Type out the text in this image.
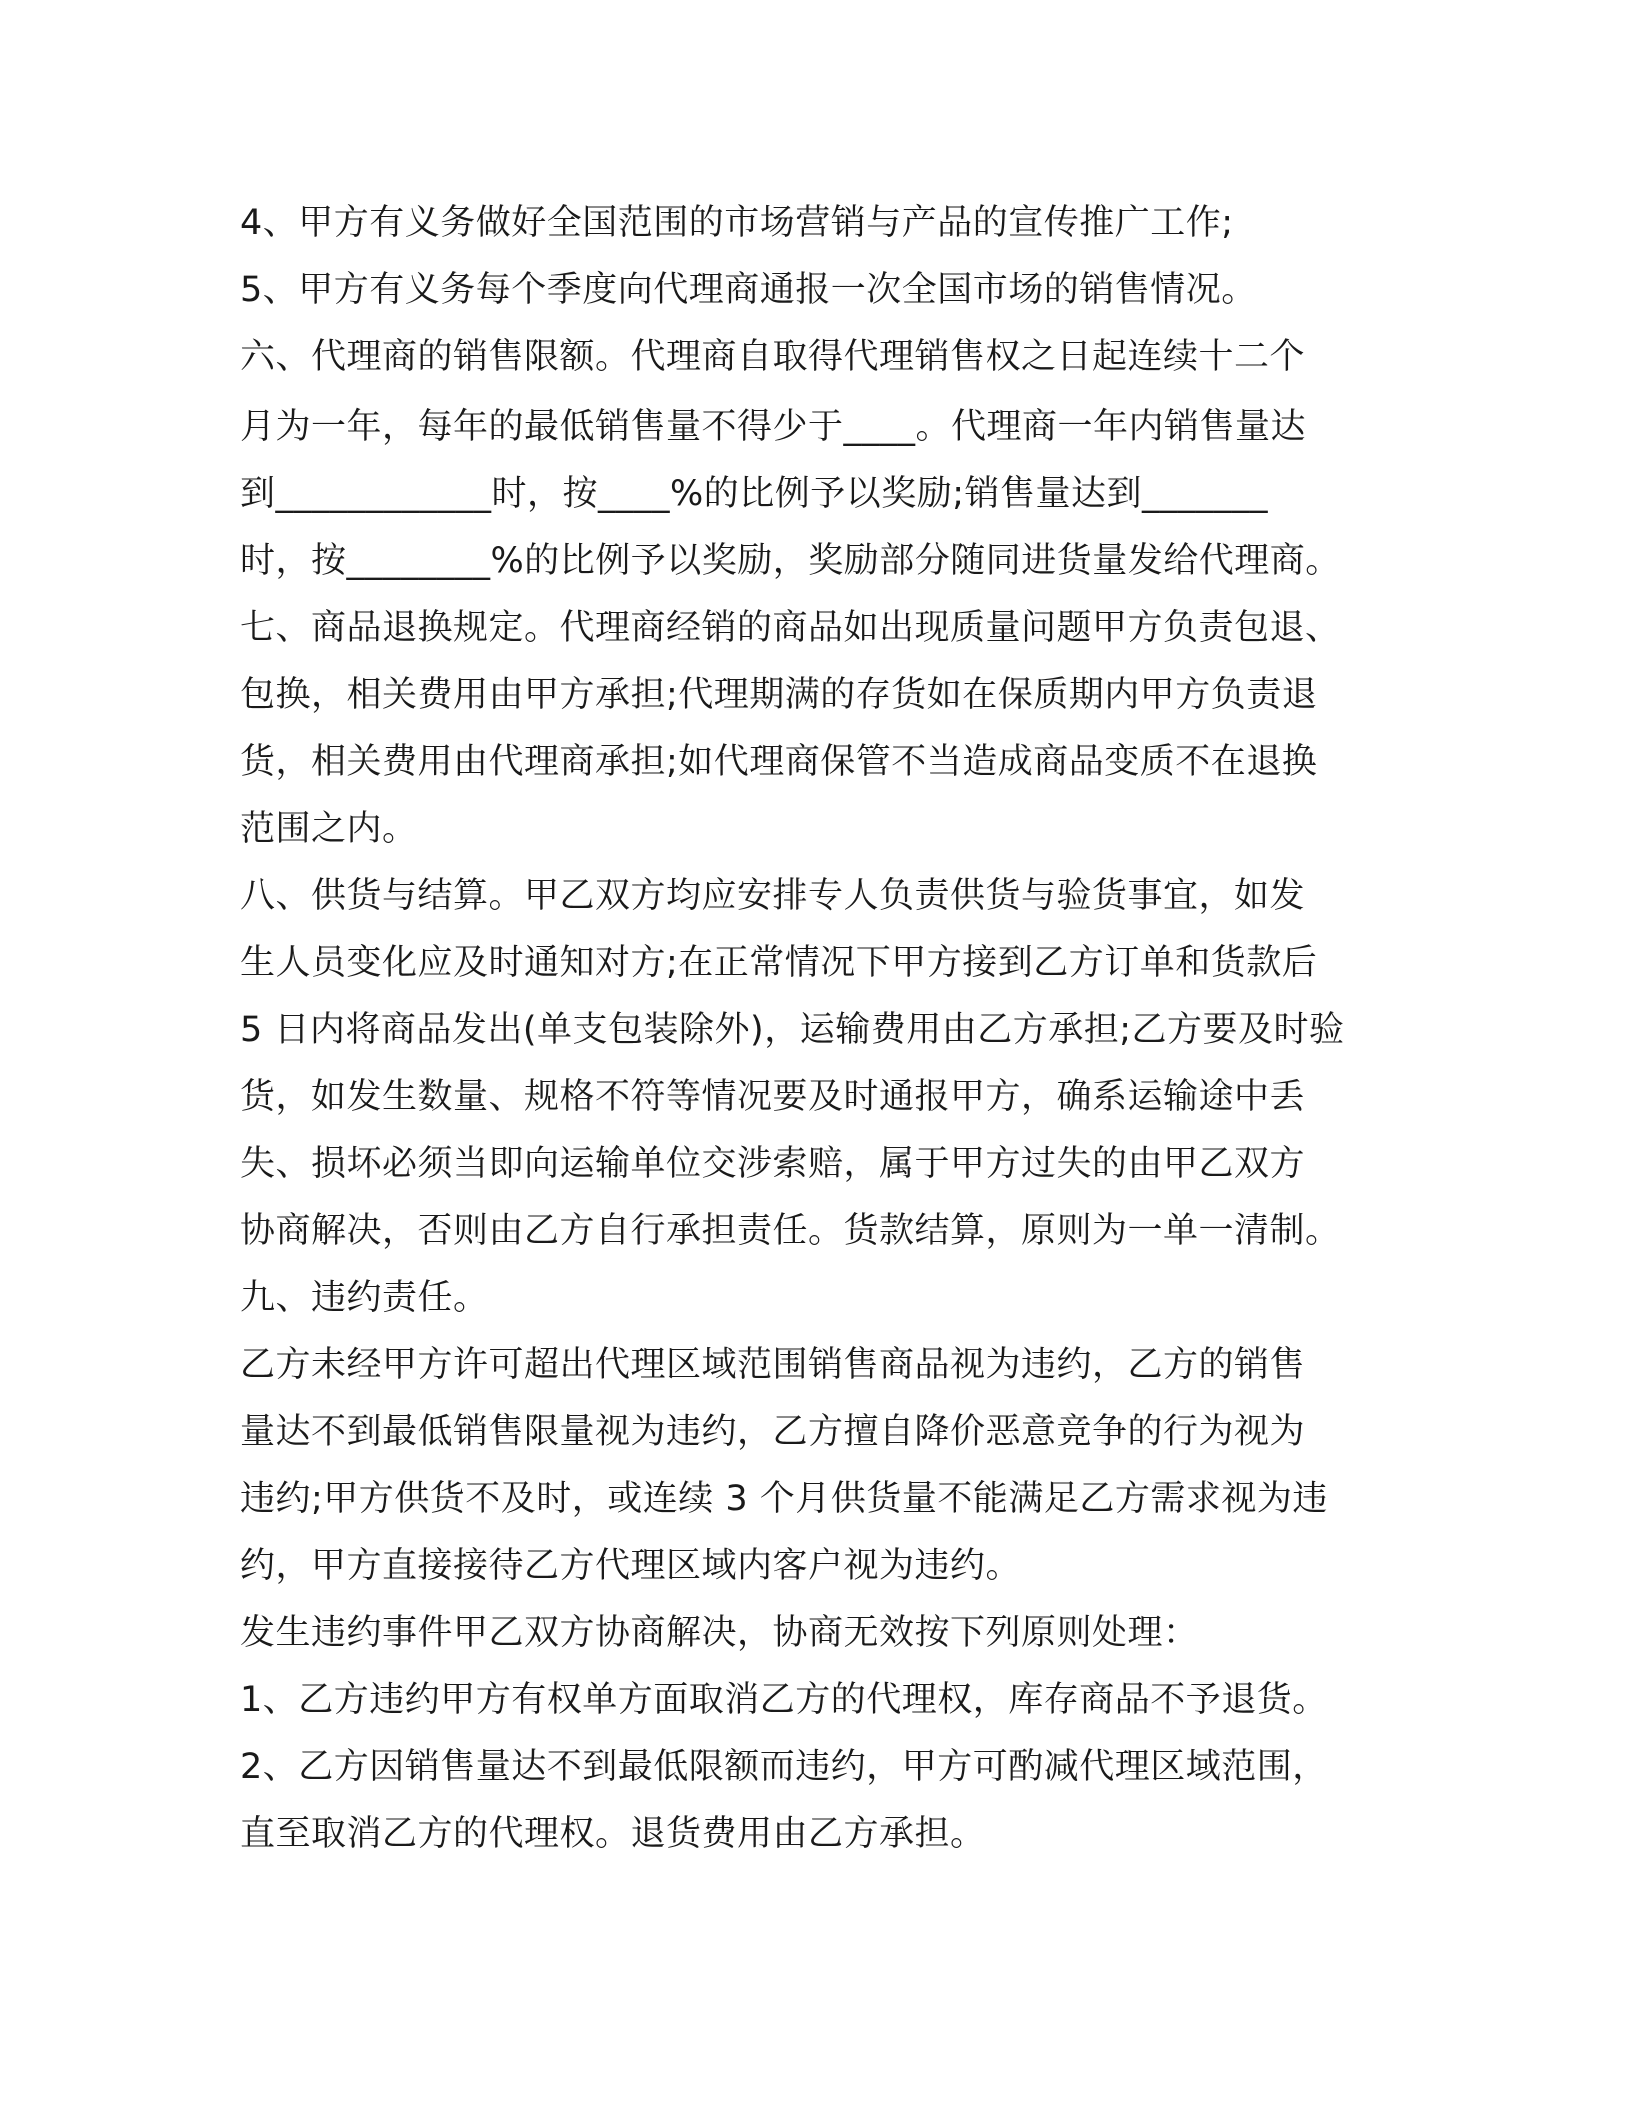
4、甲方有义务做好全国范围的市场营销与产品的宣传推广工作;
5、甲方有义务每个季度向代理商通报一次全国市场的销售情况。
六、代理商的销售限额。代理商自取得代理销售权之日起连续十二个
月为一年，每年的最低销售量不得少于____。代理商一年内销售量达
到____________时，按____%的比例予以奖励;销售量达到_______
时，按________%的比例予以奖励，奖励部分随同进货量发给代理商。
七、商品退换规定。代理商经销的商品如出现质量问题甲方负责包退、
包换，相关费用由甲方承担;代理期满的存货如在保质期内甲方负责退
货，相关费用由代理商承担;如代理商保管不当造成商品变质不在退换
范围之内。
八、供货与结算。甲乙双方均应安排专人负责供货与验货事宜，如发
生人员变化应及时通知对方;在正常情况下甲方接到乙方订单和货款后
5 日内将商品发出(单支包装除外)，运输费用由乙方承担;乙方要及时验
货，如发生数量、规格不符等情况要及时通报甲方，确系运输途中丢
失、损坏必须当即向运输单位交涉索赔，属于甲方过失的由甲乙双方
协商解决，否则由乙方自行承担责任。货款结算，原则为一单一清制。
九、违约责任。
乙方未经甲方许可超出代理区域范围销售商品视为违约，乙方的销售
量达不到最低销售限量视为违约，乙方擅自降价恶意竞争的行为视为
违约;甲方供货不及时，或连续 3 个月供货量不能满足乙方需求视为违
约，甲方直接接待乙方代理区域内客户视为违约。
发生违约事件甲乙双方协商解决，协商无效按下列原则处理：
1、乙方违约甲方有权单方面取消乙方的代理权，库存商品不予退货。
2、乙方因销售量达不到最低限额而违约，甲方可酌减代理区域范围，
直至取消乙方的代理权。退货费用由乙方承担。
